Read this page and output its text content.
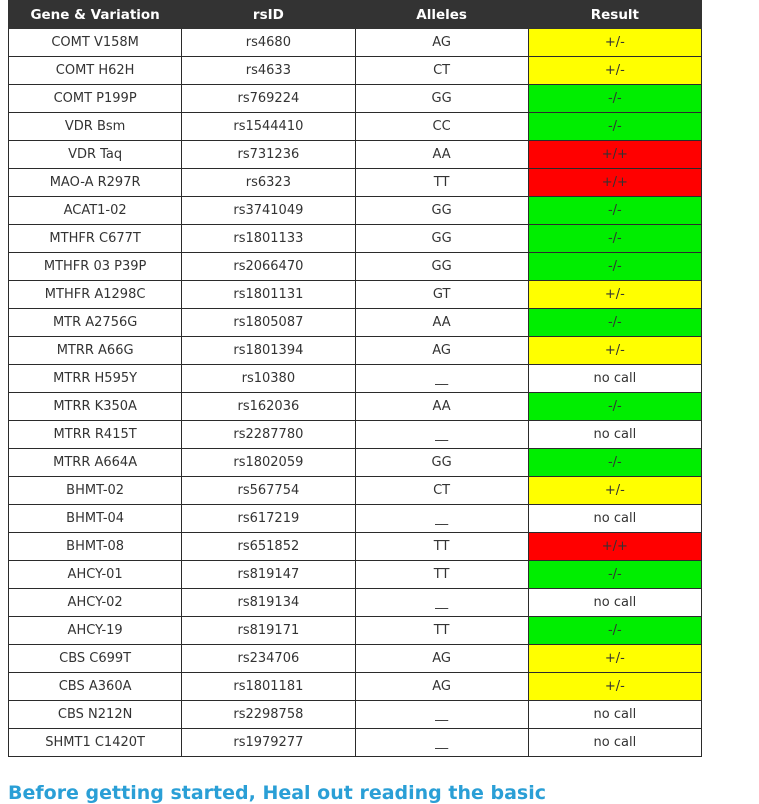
Gene & Variation	rsID	Alleles	Result
COMT V158M	rs4680	AG	+/-
COMT H62H	rs4633	CT	+/-
COMT P199P	rs769224	GG	-/-
VDR Bsm	rs1544410	CC	-/-
VDR Taq	rs731236	AA	+/+
MAO-A R297R	rs6323	TT	+/+
ACAT1-02	rs3741049	GG	-/-
MTHFR C677T	rs1801133	GG	-/-
MTHFR 03 P39P	rs2066470	GG	-/-
MTHFR A1298C	rs1801131	GT	+/-
MTR A2756G	rs1805087	AA	-/-
MTRR A66G	rs1801394	AG	+/-
MTRR H595Y	rs10380	__	no call
MTRR K350A	rs162036	AA	-/-
MTRR R415T	rs2287780	__	no call
MTRR A664A	rs1802059	GG	-/-
BHMT-02	rs567754	CT	+/-
BHMT-04	rs617219	__	no call
BHMT-08	rs651852	TT	+/+
AHCY-01	rs819147	TT	-/-
AHCY-02	rs819134	__	no call
AHCY-19	rs819171	TT	-/-
CBS C699T	rs234706	AG	+/-
CBS A360A	rs1801181	AG	+/-
CBS N212N	rs2298758	__	no call
SHMT1 C1420T	rs1979277	__	no call
Before getting started, Heal out reading the basic
